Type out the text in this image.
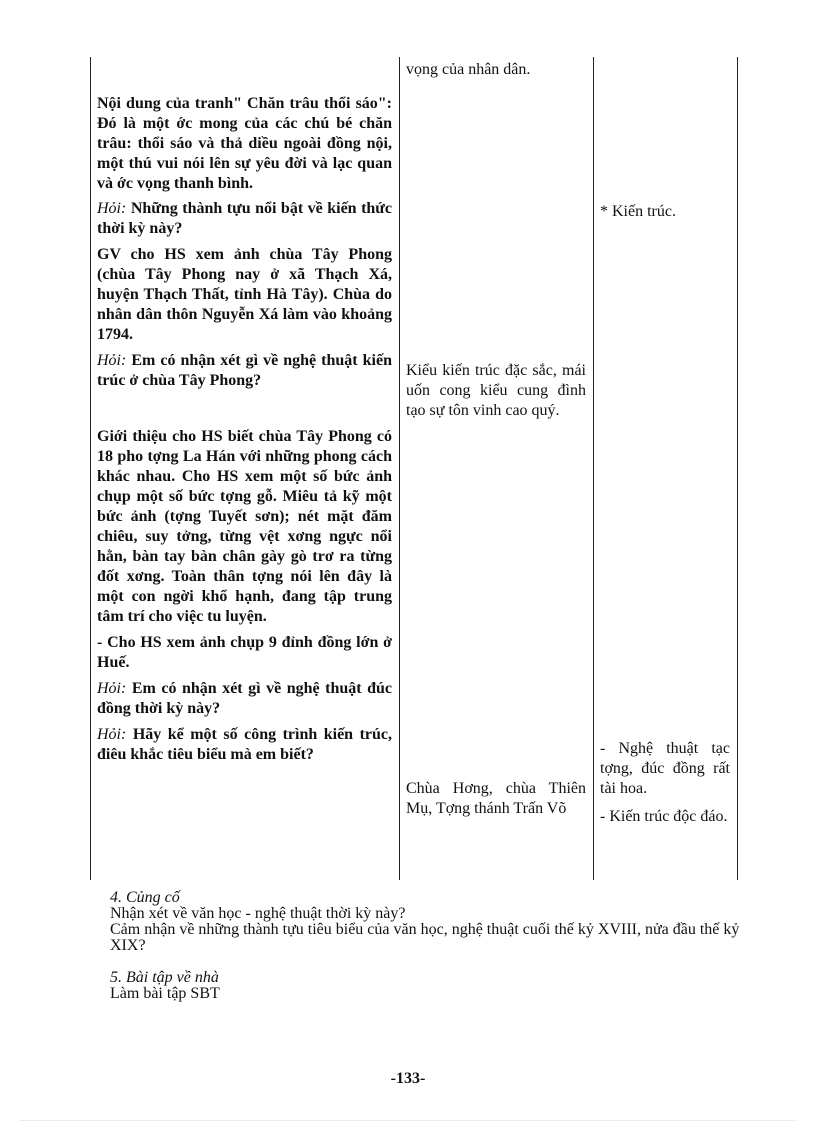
Nội dung của tranh" Chăn trâu thổi sáo": Đó là một ớc mong của các chú bé chăn trâu: thổi sáo và thả diều ngoài đồng nội, một thú vui nói lên sự yêu đời và lạc quan và ớc vọng thanh bình.

Hỏi: Những thành tựu nổi bật về kiến thức thời kỳ này?

GV cho HS xem ảnh chùa Tây Phong (chùa Tây Phong nay ở xã Thạch Xá, huyện Thạch Thất, tỉnh Hà Tây). Chùa do nhân dân thôn Nguyễn Xá làm vào khoảng 1794.

Hỏi: Em có nhận xét gì về nghệ thuật kiến trúc ở chùa Tây Phong?

Giới thiệu cho HS biết chùa Tây Phong có 18 pho tợng La Hán với những phong cách khác nhau. Cho HS xem một số bức ảnh chụp một số bức tợng gỗ. Miêu tả kỹ một bức ảnh (tợng Tuyết sơn); nét mặt đăm chiêu, suy tởng, từng vệt xơng ngực nổi hằn, bàn tay bàn chân gày gò trơ ra từng đốt xơng. Toàn thân tợng nói lên đây là một con ngời khổ hạnh, đang tập trung tâm trí cho việc tu luyện.

- Cho HS xem ảnh chụp 9 đỉnh đồng lớn ở Huế.

Hỏi: Em có nhận xét gì về nghệ thuật đúc đồng thời kỳ này?

Hỏi: Hãy kể một số công trình kiến trúc, điêu khắc tiêu biểu mà em biết?

vọng của nhân dân.

Kiểu kiến trúc đặc sắc, mái uốn cong kiểu cung đình tạo sự tôn vinh cao quý.

Chùa Hơng, chùa Thiên Mụ, Tợng thánh Trấn Võ

* Kiến trúc.

- Nghệ thuật tạc tợng, đúc đồng rất tài hoa.

- Kiến trúc độc đáo.

4. Củng cố

Nhận xét về văn học - nghệ thuật thời kỳ này?

Cảm nhận về những thành tựu tiêu biểu của văn học, nghệ thuật cuối thế kỷ XVIII, nửa đầu thế kỷ XIX?

5. Bài tập về nhà

Làm bài tập SBT

-133-
